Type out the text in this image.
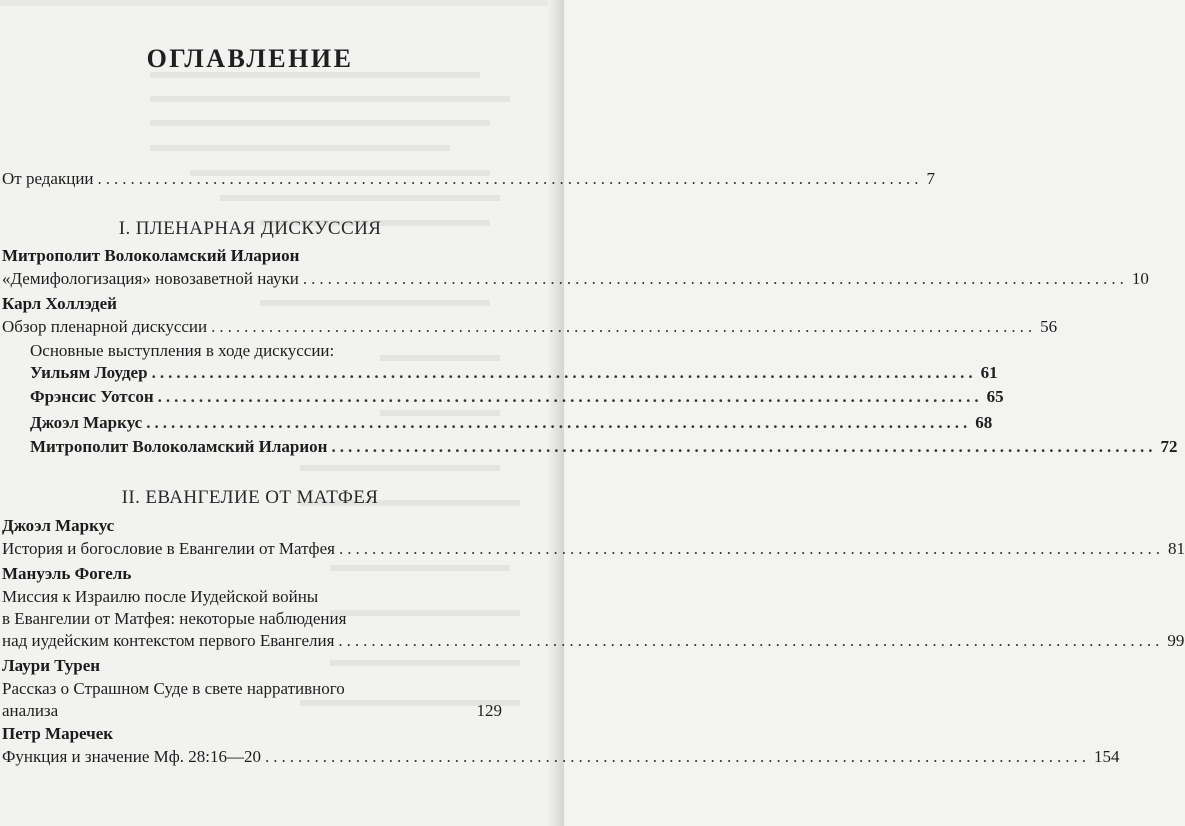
ОГЛАВЛЕНИЕ
От редакции .................................................................................................... 7
I. ПЛЕНАРНАЯ ДИСКУССИЯ
Митрополит Волоколамский Иларион
«Демифологизация» новозаветной науки .................................................................................................... 10
Карл Холлэдей
Обзор пленарной дискуссии .................................................................................................... 56
Основные выступления в ходе дискуссии:
Уильям Лоудер .................................................................................................... 61
Фрэнсис Уотсон .................................................................................................... 65
Джоэл Маркус .................................................................................................... 68
Митрополит Волоколамский Иларион .................................................................................................... 72
II. ЕВАНГЕЛИЕ ОТ МАТФЕЯ
Джоэл Маркус
История и богословие в Евангелии от Матфея .................................................................................................... 81
Мануэль Фогель
Миссия к Израилю после Иудейской войны
в Евангелии от Матфея: некоторые наблюдения
над иудейским контекстом первого Евангелия .................................................................................................... 99
Лаури Турен
Рассказ о Страшном Суде в свете нарративного
анализа	129
Петр Маречек
Функция и значение Мф. 28:16—20 .................................................................................................... 154
